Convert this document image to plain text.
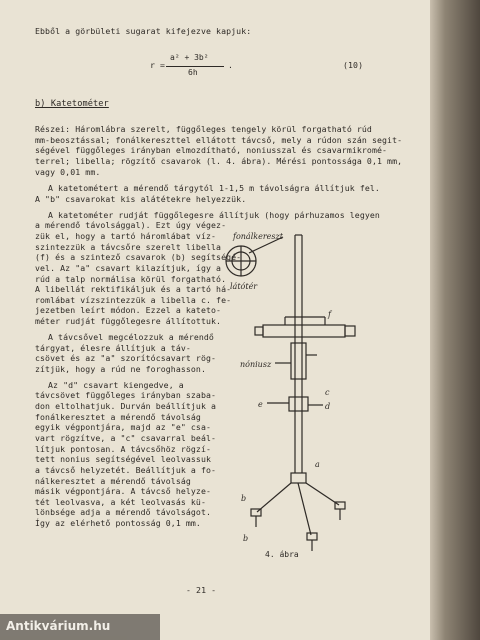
Ebből a görbületi sugarat kifejezve kapjuk:
r =
a² + 3b²
6h
.	(10)
b) Katetométer
Részei: Háromlábra szerelt, függőleges tengely körül forgatható rúd
mm-beosztással; fonálkereszttel ellátott távcső, mely a rúdon szán segit-
ségével függőleges irányban elmozdítható, noniusszal és csavarmikromé-
terrel; libella; rögzítő csavarok (l. 4. ábra). Mérési pontossága 0,1 mm,
vagy 0,01 mm.
A katetométert a mérendő tárgytól 1-1,5 m távolságra állítjuk fel.
A "b" csavarokat kis alátétekre helyezzük.
A katetométer rudját függőlegesre állítjuk (hogy párhuzamos legyen
a mérendő távolsággal). Ezt úgy végez-
zük el, hogy a tartó háromlábat víz-
szintezzük a távcsőre szerelt libella
(f) és a szintező csavarok (b) segítségé-
vel. Az "a" csavart kilazítjuk, így a
rúd a talp normálisa körül forgatható.
A libellát rektifikáljuk és a tartó há-
romlábat vízszintezzük a libella c. fe-
jezetben leírt módon. Ezzel a kateto-
méter rudját függőlegesre állítottuk.
A távcsővel megcélozzuk a mérendő
tárgyat, élesre állítjuk a táv-
csövet és az "a" szorítócsavart rög-
zítjük, hogy a rúd ne foroghasson.
Az "d" csavart kiengedve, a
távcsövet függőleges irányban szaba-
don eltolhatjuk. Durván beállítjuk a
fonálkeresztet a mérendő távolság
egyik végpontjára, majd az "e" csa-
vart rögzítve, a "c" csavarral beál-
lítjuk pontosan. A távcsőhöz rögzí-
tett nonius segítségével leolvassuk
a távcső helyzetét. Beállítjuk a fo-
nálkeresztet a mérendő távolság
másik végpontjára. A távcső helyze-
tét leolvasva, a két leolvasás kü-
lönbsége adja a mérendő távolságot.
Így az elérhető pontosság 0,1 mm.
fonálkereszt
látótér
nóniusz
f
e	d
c
a
b
b
4. ábra
- 21 -
Antikvárium.hu
